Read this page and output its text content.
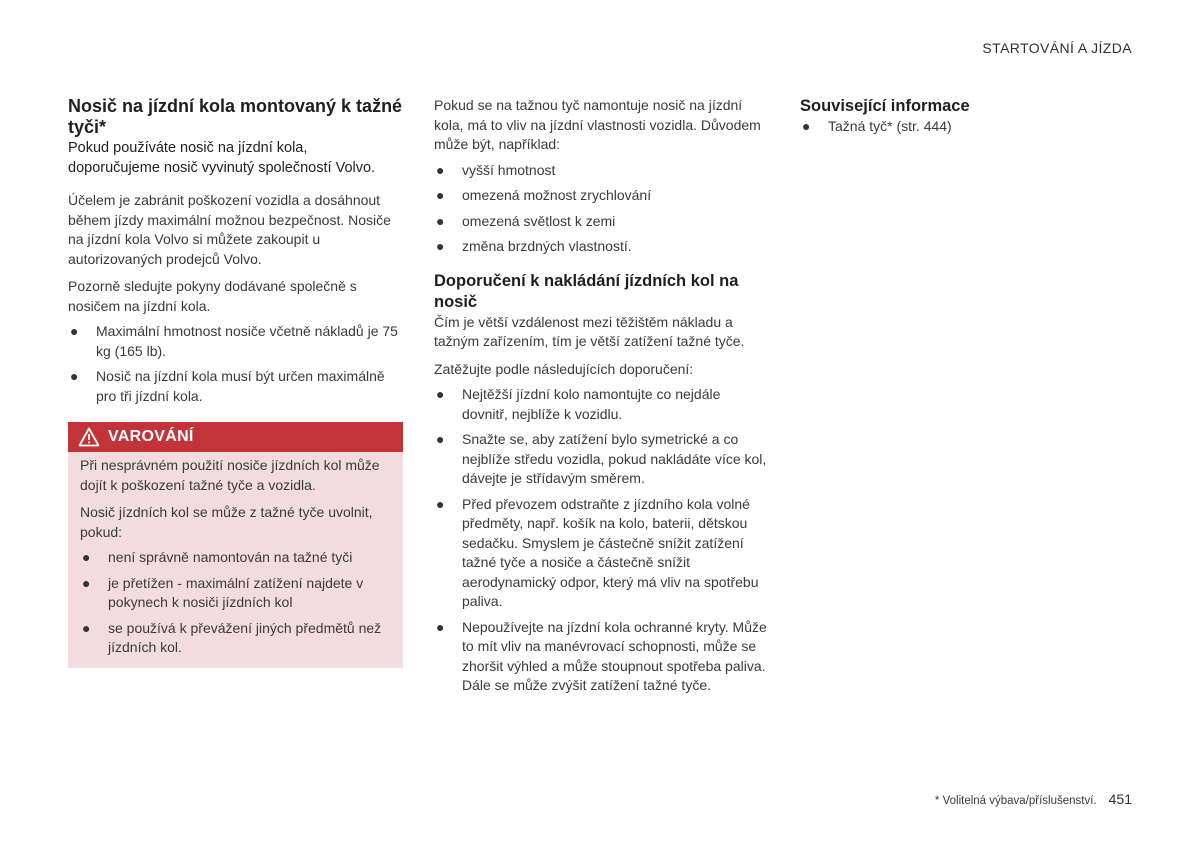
STARTOVÁNÍ A JÍZDA
Nosič na jízdní kola montovaný k tažné tyči*

Pokud používáte nosič na jízdní kola, doporučujeme nosič vyvinutý společností Volvo.

Účelem je zabránit poškození vozidla a dosáhnout během jízdy maximální možnou bezpečnost. Nosiče na jízdní kola Volvo si můžete zakoupit u autorizovaných prodejců Volvo.

Pozorně sledujte pokyny dodávané společně s nosičem na jízdní kola.

● Maximální hmotnost nosiče včetně nákladů je 75 kg (165 lb).
● Nosič na jízdní kola musí být určen maximálně pro tři jízdní kola.
VAROVÁNÍ

Při nesprávném použití nosiče jízdních kol může dojít k poškození tažné tyče a vozidla.

Nosič jízdních kol se může z tažné tyče uvolnit, pokud:

● není správně namontován na tažné tyči
● je přetížen - maximální zatížení najdete v pokynech k nosiči jízdních kol
● se používá k převážení jiných předmětů než jízdních kol.

Pokud se na tažnou tyč namontuje nosič na jízdní kola, má to vliv na jízdní vlastnosti vozidla. Důvodem může být, například:

● vyšší hmotnost
● omezená možnost zrychlování
● omezená světlost k zemi
● změna brzdných vlastností.
Doporučení k nakládání jízdních kol na nosič

Čím je větší vzdálenost mezi těžištěm nákladu a tažným zařízením, tím je větší zatížení tažné tyče.

Zatěžujte podle následujících doporučení:

● Nejtěžší jízdní kolo namontujte co nejdále dovnitř, nejblíže k vozidlu.
● Snažte se, aby zatížení bylo symetrické a co nejblíže středu vozidla, pokud nakládáte více kol, dávejte je střídavým směrem.
● Před převozem odstraňte z jízdního kola volné předměty, např. košík na kolo, baterii, dětskou sedačku. Smyslem je částečně snížit zatížení tažné tyče a nosiče a částečně snížit aerodynamický odpor, který má vliv na spotřebu paliva.
● Nepoužívejte na jízdní kola ochranné kryty. Může to mít vliv na manévrovací schopnosti, může se zhoršit výhled a může stoupnout spotřeba paliva. Dále se může zvýšit zatížení tažné tyče.
Související informace
● Tažná tyč* (str. 444)
* Volitelná výbava/příslušenství. 451
